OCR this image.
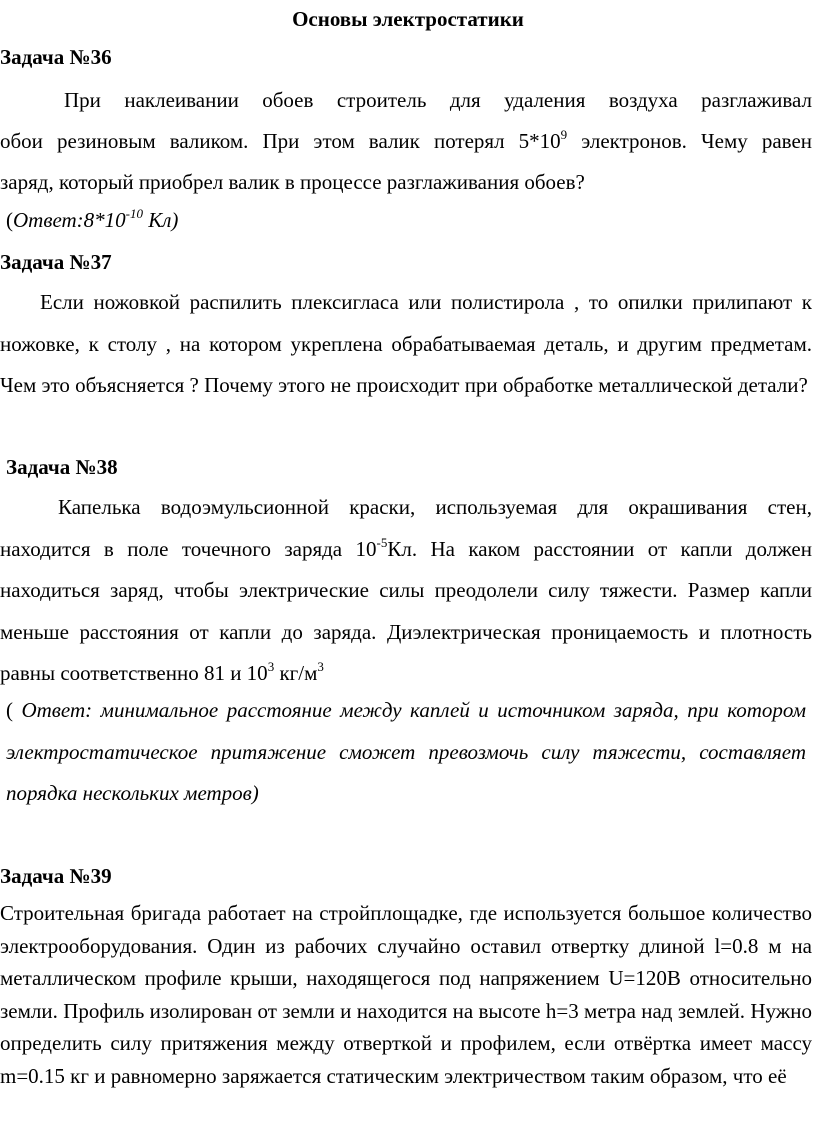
Основы электростатики
Задача №36
При наклеивании обоев строитель для удаления воздуха разглаживал
обои резиновым валиком. При этом валик потерял $5*10^9$ электронов. Чему равен
заряд, который приобрел валик в процессе разглаживания обоев?
($Ответ:8*10^{-10}$ Кл)
Задача №37
Если ножовкой распилить плексигласа или полистирола , то опилки прилипают к ножовке, к столу , на котором укреплена обрабатываемая деталь, и другим предметам. Чем это объясняется ? Почему этого не происходит при обработке металлической детали?
Задача №38
Капелька водоэмульсионной краски, используемая для окрашивания стен, находится в поле точечного заряда $10^{-5}Кл$. На каком расстоянии от капли должен находиться заряд, чтобы электрические силы преодолели силу тяжести. Размер капли меньше расстояния от капли до заряда. Диэлектрическая проницаемость и плотность равны соответственно 81 и $10^3$ $кг/м^3$
( Ответ: минимальное расстояние между каплей и источником заряда, при котором электростатическое притяжение сможет превозмочь силу тяжести, составляет порядка нескольких метров)
Задача №39
Строительная бригада работает на стройплощадке, где используется большое количество электрооборудования. Один из рабочих случайно оставил отвертку длиной l=0.8 м на металлическом профиле крыши, находящегося под напряжением U=120В относительно земли. Профиль изолирован от земли и находится на высоте h=3 метра над землей. Нужно определить силу притяжения между отверткой и профилем, если отвёртка имеет массу m=0.15 кг и равномерно заряжается статическим электричеством таким образом, что её
